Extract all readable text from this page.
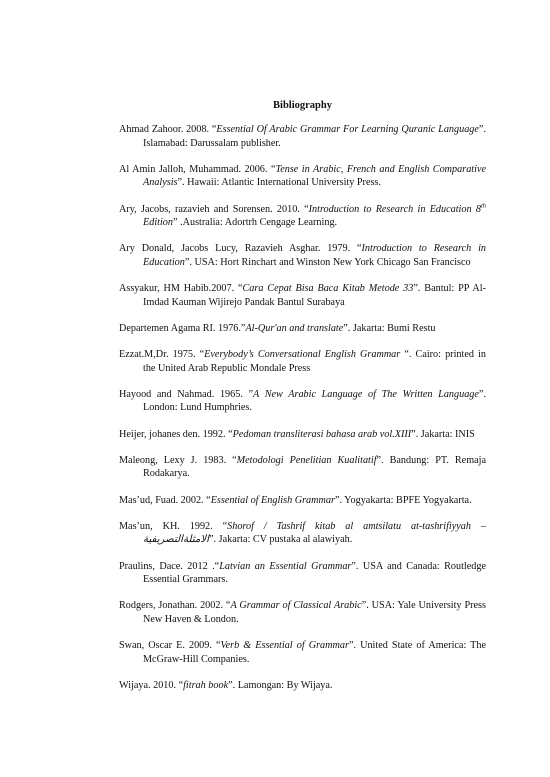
Bibliography
Ahmad Zahoor. 2008. “Essential Of Arabic Grammar For Learning Quranic Language”. Islamabad: Darussalam publisher.
Al Amin Jalloh, Muhammad. 2006. “Tense in Arabic, French and English Comparative Analysis”. Hawaii: Atlantic International University Press.
Ary, Jacobs, razavieh and Sorensen. 2010. “Introduction to Research in Education 8th Edition” .Australia: Adortrh Cengage Learning.
Ary Donald, Jacobs Lucy, Razavieh Asghar. 1979. “Introduction to Research in Education”. USA: Hort Rinchart and Winston New York Chicago San Francisco
Assyakur, HM Habib.2007. “Cara Cepat Bisa Baca Kitab Metode 33”. Bantul: PP Al-Imdad Kauman Wijirejo Pandak Bantul Surabaya
Departemen Agama RI. 1976.”Al-Qur'an and translate”. Jakarta: Bumi Restu
Ezzat.M,Dr. 1975. “Everybody’s Conversational English Grammar “. Cairo: printed in the United Arab Republic Mondale Press
Hayood and Nahmad. 1965. ”A New Arabic Language of The Written Language”. London: Lund Humphries.
Heijer, johanes den. 1992. “Pedoman transliterasi bahasa arab vol.XIII”. Jakarta: INIS
Maleong, Lexy J. 1983. “Metodologi Penelitian Kualitatif”. Bandung: PT. Remaja Rodakarya.
Mas’ud, Fuad. 2002. “Essential of English Grammar”. Yogyakarta: BPFE Yogyakarta.
Mas’un, KH. 1992. “Shorof / Tashrif kitab al amtsilatu at-tashrifiyyah – الامثلةالتصريفية”. Jakarta: CV pustaka al alawiyah.
Praulins, Dace. 2012 .“Latvian an Essential Grammar”. USA and Canada: Routledge Essential Grammars.
Rodgers, Jonathan. 2002. “A Grammar of Classical Arabic”. USA: Yale University Press New Haven & London.
Swan, Oscar E. 2009. “Verb & Essential of Grammar”. United State of America: The McGraw-Hill Companies.
Wijaya. 2010. “fitrah book”. Lamongan: By Wijaya.
